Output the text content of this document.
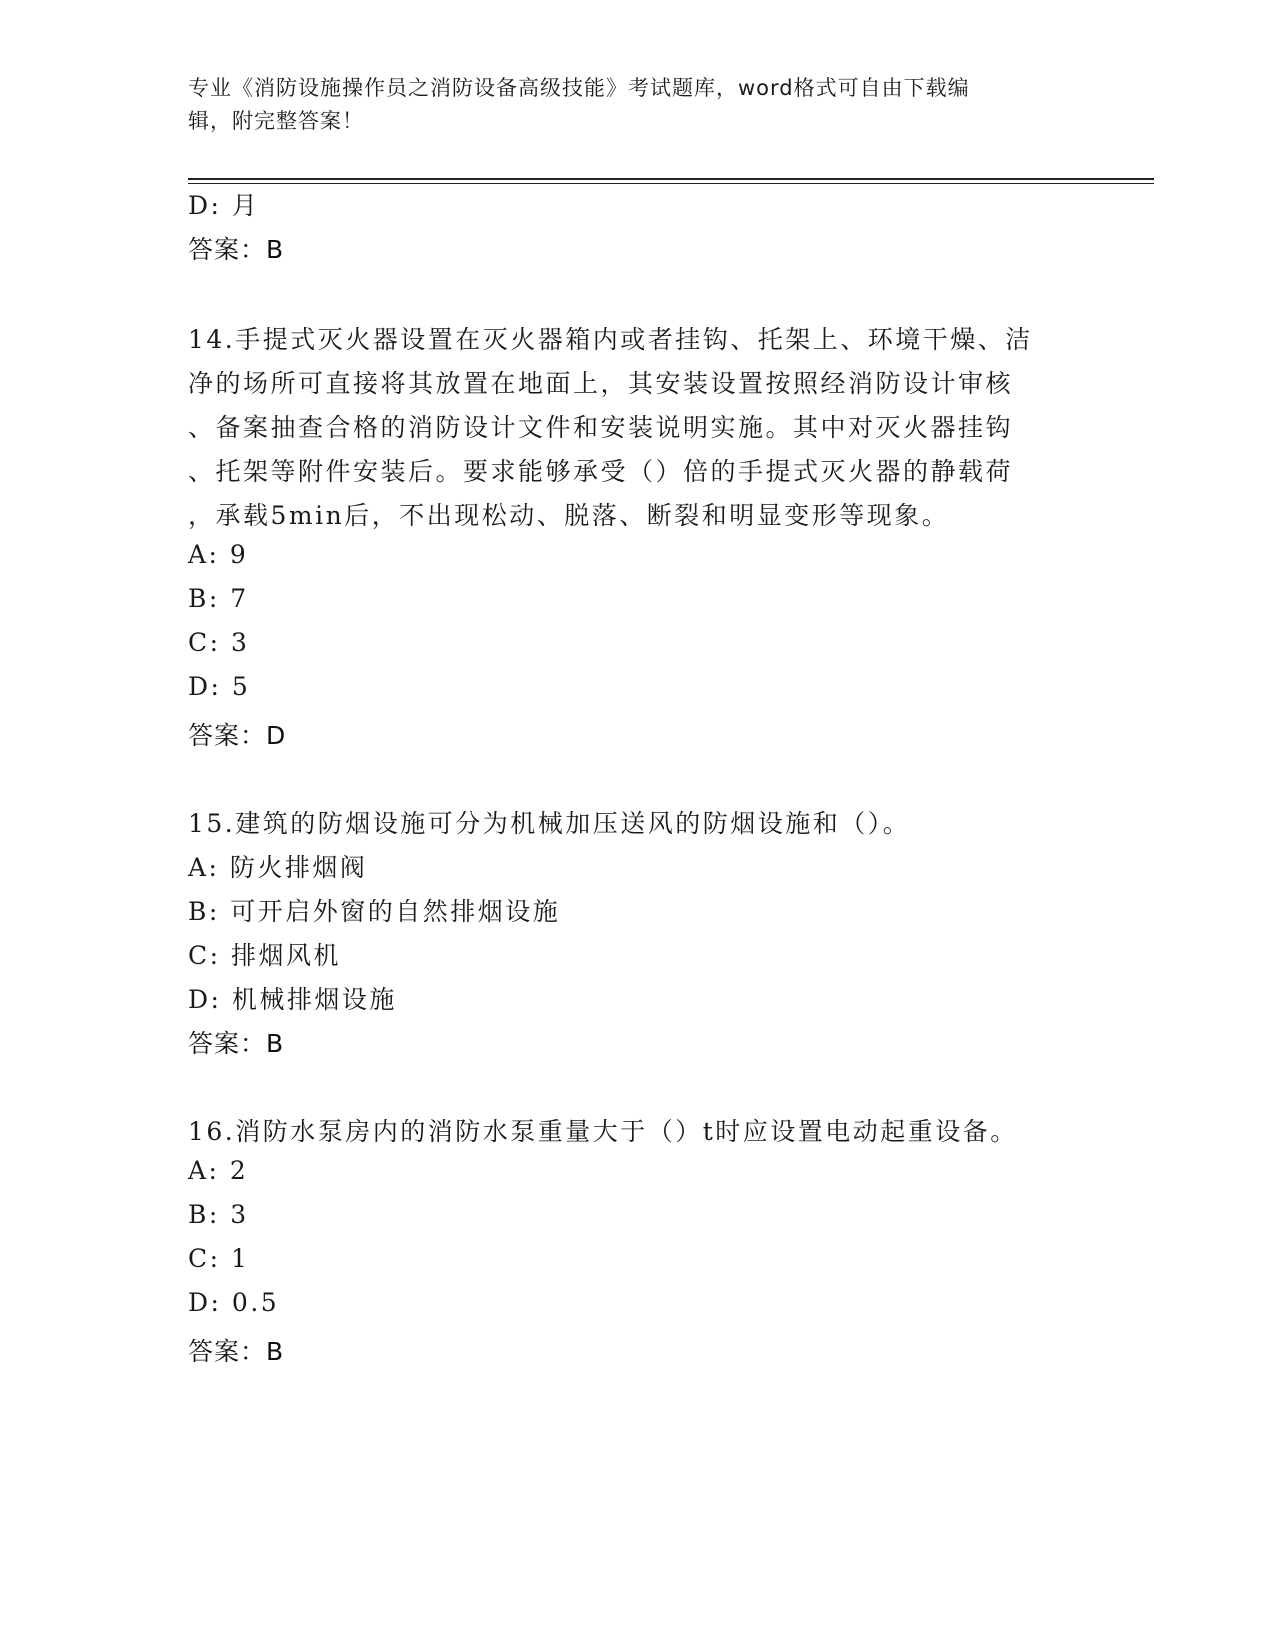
专业《消防设施操作员之消防设备高级技能》考试题库，word格式可自由下载编
辑，附完整答案！
D: 月
答案：B
14.手提式灭火器设置在灭火器箱内或者挂钩、托架上、环境干燥、洁
净的场所可直接将其放置在地面上，其安装设置按照经消防设计审核
、备案抽查合格的消防设计文件和安装说明实施。其中对灭火器挂钩
、托架等附件安装后。要求能够承受（）倍的手提式灭火器的静载荷
，承载5min后，不出现松动、脱落、断裂和明显变形等现象。
A: 9
B: 7
C: 3
D: 5
答案：D
15.建筑的防烟设施可分为机械加压送风的防烟设施和（）。
A: 防火排烟阀
B: 可开启外窗的自然排烟设施
C: 排烟风机
D: 机械排烟设施
答案：B
16.消防水泵房内的消防水泵重量大于（）t时应设置电动起重设备。
A: 2
B: 3
C: 1
D: 0.5
答案：B
